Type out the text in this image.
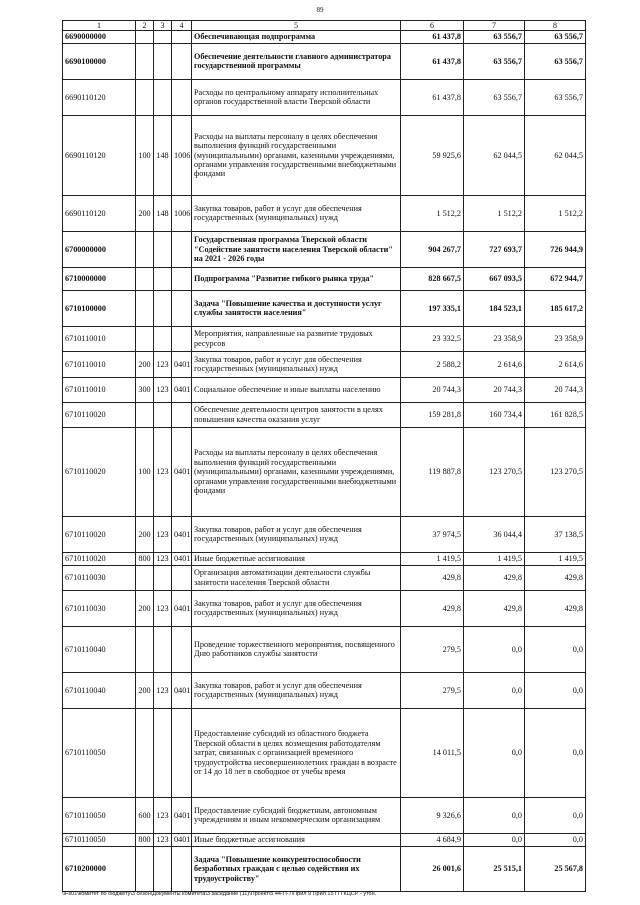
89
1	2	3	4	5	6	7	8
6690000000				Обеспечивающая подпрограмма	61 437,8	63 556,7	63 556,7
6690100000				Обеспечение деятельности главного администратора государственной программы	61 437,8	63 556,7	63 556,7
6690110120				Расходы по центральному аппарату исполнительных органов государственной власти Тверской области	61 437,8	63 556,7	63 556,7
6690110120	100	148	1006	Расходы на выплаты персоналу в целях обеспечения выполнения функций государственными (муниципальными) органами, казенными учреждениями, органами управления государственными внебюджетными фондами	59 925,6	62 044,5	62 044,5
6690110120	200	148	1006	Закупка товаров, работ и услуг для обеспечения государственных (муниципальных) нужд	1 512,2	1 512,2	1 512,2
6700000000				Государственная программа Тверской области "Содействие занятости населения Тверской области" на 2021 - 2026 годы	904 267,7	727 693,7	726 944,9
6710000000				Подпрограмма "Развитие гибкого рынка труда"	828 667,5	667 093,5	672 944,7
6710100000				Задача "Повышение качества и доступности услуг службы занятости населения"	197 335,1	184 523,1	185 617,2
6710110010				Мероприятия, направленные на развитие трудовых ресурсов	23 332,5	23 358,9	23 358,9
6710110010	200	123	0401	Закупка товаров, работ и услуг для обеспечения государственных (муниципальных) нужд	2 588,2	2 614,6	2 614,6
6710110010	300	123	0401	Социальное обеспечение и иные выплаты населению	20 744,3	20 744,3	20 744,3
6710110020				Обеспечение деятельности центров занятости в целях повышения качества оказания услуг	159 281,8	160 734,4	161 828,5
6710110020	100	123	0401	Расходы на выплаты персоналу в целях обеспечения выполнения функций государственными (муниципальными) органами, казенными учреждениями, органами управления государственными внебюджетными фондами	119 887,8	123 270,5	123 270,5
6710110020	200	123	0401	Закупка товаров, работ и услуг для обеспечения государственных (муниципальных) нужд	37 974,5	36 044,4	37 138,5
6710110020	800	123	0401	Иные бюджетные ассигнования	1 419,5	1 419,5	1 419,5
6710110030				Организация автоматизации деятельности службы занятости населения Тверской области	429,8	429,8	429,8
6710110030	200	123	0401	Закупка товаров, работ и услуг для обеспечения государственных (муниципальных) нужд	429,8	429,8	429,8
6710110040				Проведение торжественного мероприятия, посвященного Дню работников службы занятости	279,5	0,0	0,0
6710110040	200	123	0401	Закупка товаров, работ и услуг для обеспечения государственных (муниципальных) нужд	279,5	0,0	0,0
6710110050				Предоставление субсидий из областного бюджета Тверской области в целях возмещения работодателям затрат, связанных с организацией временного трудоустройства несовершеннолетних граждан в возрасте от 14 до 18 лет в свободное от учебы время	14 011,5	0,0	0,0
6710110050	600	123	0401	Предоставление субсидий бюджетным, автономным учреждениям и иным некоммерческим организациям	9 326,6	0,0	0,0
6710110050	800	123	0401	Иные бюджетные ассигнования	4 684,9	0,0	0,0
6710200000				Задача "Повышение конкурентоспособности безработных граждан с целью содействия их трудоустройству"	26 001,6	25 515,1	25 567,8
\\Fs01\комитет по бюджету\3 сезон\Документы комитета\3 заседание (11)\Проект\5 44-П-7\Прил 9 Прил 15 ГП КЦСР - утон.
